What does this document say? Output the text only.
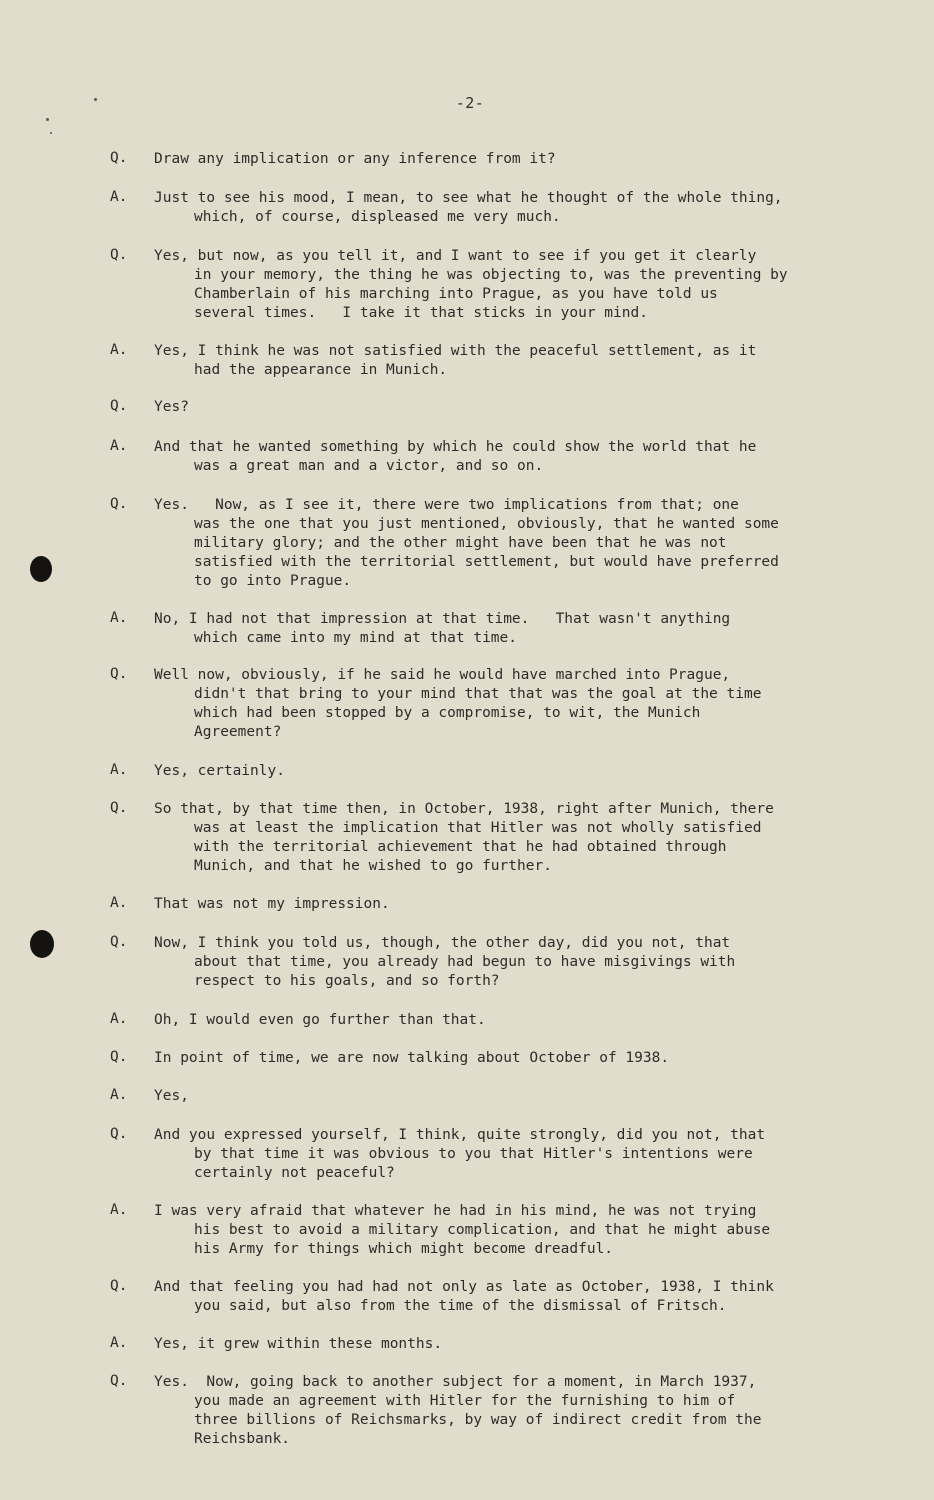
-2-
Q.	Draw any implication or any inference from it?
A.	Just to see his mood, I mean, to see what he thought of the whole thing,
which, of course, displeased me very much.
Q.	Yes, but now, as you tell it, and I want to see if you get it clearly
in your memory, the thing he was objecting to, was the preventing by
Chamberlain of his marching into Prague, as you have told us
several times.   I take it that sticks in your mind.
A.	Yes, I think he was not satisfied with the peaceful settlement, as it
had the appearance in Munich.
Q.	Yes?
A.	And that he wanted something by which he could show the world that he
was a great man and a victor, and so on.
Q.	Yes.   Now, as I see it, there were two implications from that; one
was the one that you just mentioned, obviously, that he wanted some
military glory; and the other might have been that he was not
satisfied with the territorial settlement, but would have preferred
to go into Prague.
A.	No, I had not that impression at that time.   That wasn't anything
which came into my mind at that time.
Q.	Well now, obviously, if he said he would have marched into Prague,
didn't that bring to your mind that that was the goal at the time
which had been stopped by a compromise, to wit, the Munich
Agreement?
A.	Yes, certainly.
Q.	So that, by that time then, in October, 1938, right after Munich, there
was at least the implication that Hitler was not wholly satisfied
with the territorial achievement that he had obtained through
Munich, and that he wished to go further.
A.	That was not my impression.
Q.	Now, I think you told us, though, the other day, did you not, that
about that time, you already had begun to have misgivings with
respect to his goals, and so forth?
A.	Oh, I would even go further than that.
Q.	In point of time, we are now talking about October of 1938.
A.	Yes,
Q.	And you expressed yourself, I think, quite strongly, did you not, that
by that time it was obvious to you that Hitler's intentions were
certainly not peaceful?
A.	I was very afraid that whatever he had in his mind, he was not trying
his best to avoid a military complication, and that he might abuse
his Army for things which might become dreadful.
Q.	And that feeling you had had not only as late as October, 1938, I think
you said, but also from the time of the dismissal of Fritsch.
A.	Yes, it grew within these months.
Q.	Yes.  Now, going back to another subject for a moment, in March 1937,
you made an agreement with Hitler for the furnishing to him of
three billions of Reichsmarks, by way of indirect credit from the
Reichsbank.
